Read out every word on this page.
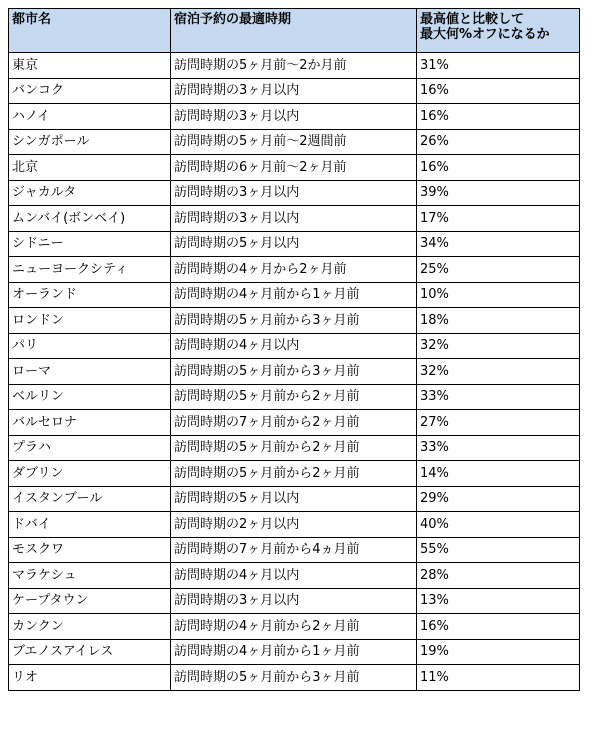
都市名	宿泊予約の最適時期	最高値と比較して
最大何%オフになるか

東京	訪問時期の5ヶ月前〜2か月前	31%
バンコク	訪問時期の3ヶ月以内	16%
ハノイ	訪問時期の3ヶ月以内	16%
シンガポール	訪問時期の5ヶ月前〜2週間前	26%
北京	訪問時期の6ヶ月前〜2ヶ月前	16%
ジャカルタ	訪問時期の3ヶ月以内	39%
ムンバイ(ボンベイ)	訪問時期の3ヶ月以内	17%
シドニー	訪問時期の5ヶ月以内	34%
ニューヨークシティ	訪問時期の4ヶ月から2ヶ月前	25%
オーランド	訪問時期の4ヶ月前から1ヶ月前	10%
ロンドン	訪問時期の5ヶ月前から3ヶ月前	18%
パリ	訪問時期の4ヶ月以内	32%
ローマ	訪問時期の5ヶ月前から3ヶ月前	32%
ベルリン	訪問時期の5ヶ月前から2ヶ月前	33%
バルセロナ	訪問時期の7ヶ月前から2ヶ月前	27%
プラハ	訪問時期の5ヶ月前から2ヶ月前	33%
ダブリン	訪問時期の5ヶ月前から2ヶ月前	14%
イスタンブール	訪問時期の5ヶ月以内	29%
ドバイ	訪問時期の2ヶ月以内	40%
モスクワ	訪問時期の7ヶ月前から4ヵ月前	55%
マラケシュ	訪問時期の4ヶ月以内	28%
ケープタウン	訪問時期の3ヶ月以内	13%
カンクン	訪問時期の4ヶ月前から2ヶ月前	16%
ブエノスアイレス	訪問時期の4ヶ月前から1ヶ月前	19%
リオ	訪問時期の5ヶ月前から3ヶ月前	11%
